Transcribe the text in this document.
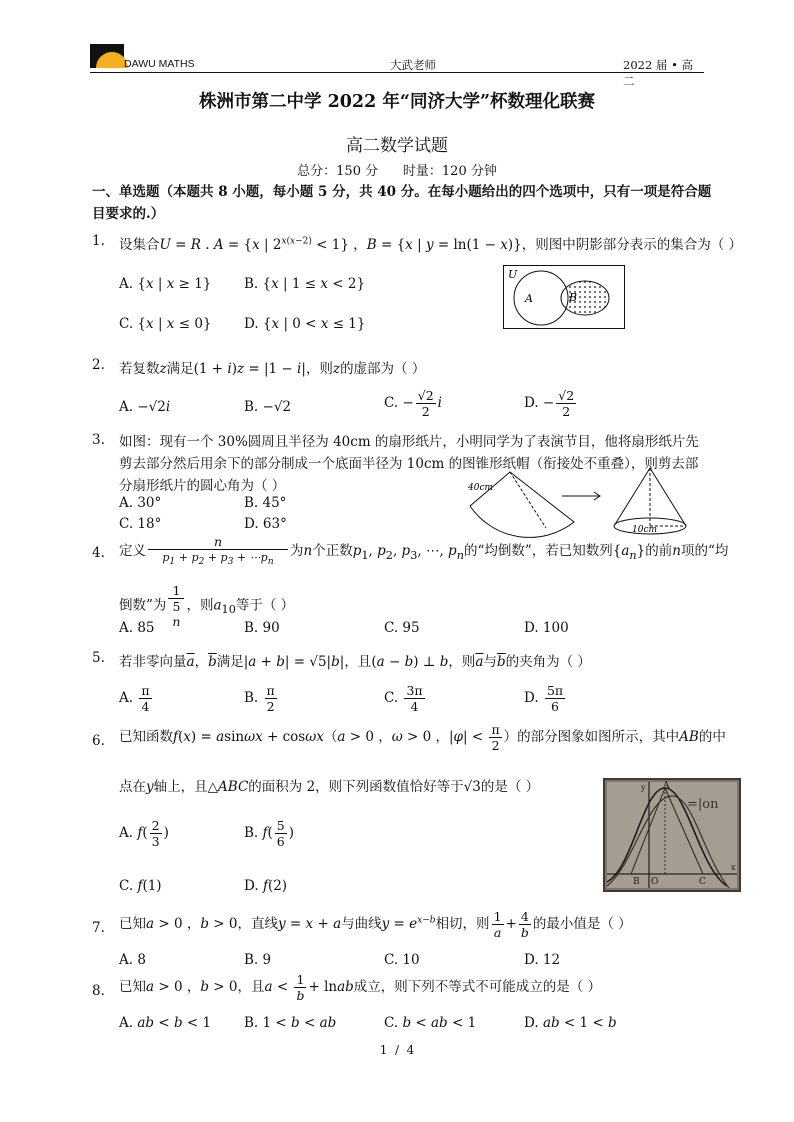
DAWU MATHS	大武老师	2022 届 • 高二
株洲市第二中学 2022 年“同济大学”杯数理化联赛
高二数学试题
总分：150 分      时量：120 分钟
一、单选题（本题共 8 小题，每小题 5 分，共 40 分。在每小题给出的四个选项中，只有一项是符合题目要求的.）
1. 设集合U = R . A = {x | $2^{x(x-2)} < 1$} ，B = {x | y = ln(1 − x)}，则图中阴影部分表示的集合为（ ）
A. {x | x ≥ 1} B. {x | 1 ≤ x < 2}
C. {x | x ≤ 0} D. {x | 0 < x ≤ 1}
U
A	B
2. 若复数z满足(1 + i)z = |1 − i|，则z的虚部为（ ）
A. −√2i	B. −√2	C. − $\frac{√2}{2}$ i	D. − $\frac{√2}{2}$
3. 如图：现有一个 30%圆周且半径为 40cm 的扇形纸片，小明同学为了表演节目，他将扇形纸片先
剪去部分然后用余下的部分制成一个底面半径为 10cm 的图锥形纸帽（衔接处不重叠），则剪去部
分扇形纸片的圆心角为（ ）
A. 30°	B. 45°
C. 18°	D. 63°
40cm
10cm
4. 定义 $\frac{n}{p_1 + p_2 + p_3 + \cdots p_n}$ 为n个正数$p_1$, $p_2$, $p_3$, ⋯, $p_n$的“均倒数”，若已知数列$\{a_n\}$的前n项的“均
倒数”为 1
5
n ，则$a_{10}$等于（ ）
A. 85	B. 90	C. 95	D. 100
5. 若非零向量$\overline{a}$，$\overline{b}$满足|a + b| = √5|b|，且(a − b) ⊥ b，则$\overline{a}$与$\overline{b}$的夹角为（ ）
A. $\frac{\pi}{4}$	B. $\frac{\pi}{2}$	C. $\frac{3\pi}{4}$	D. $\frac{5\pi}{6}$
6. 已知函数f(x) = asinωx + cosωx（a > 0 ，ω > 0 ，$|\varphi| < \frac{\pi}{2}$ ）的部分图象如图所示，其中AB的中
点在y轴上，且△ABC的面积为 2，则下列函数值恰好等于√3的是（ ）
A. $f( \frac{2}{3}$ )	B. $f( \frac{5}{6}$ )
C. f(1)	D. f(2)
A
B	C
O
y
x
=|on
7. 已知a > 0 ，b > 0，直线y = x + a与曲线$y = e^{x-b}$相切，则 $\frac{1}{a} + \frac{4}{b}$ 的最小值是（ ）
A. 8	B. 9	C. 10	D. 12
8. 已知a > 0 ，b > 0，且$a < \frac{1}{b}$ + lnab成立，则下列不等式不可能成立的是（ ）
A. ab < b < 1 B. 1 < b < ab	C. b < ab < 1	D. ab < 1 < b
1  /  4
